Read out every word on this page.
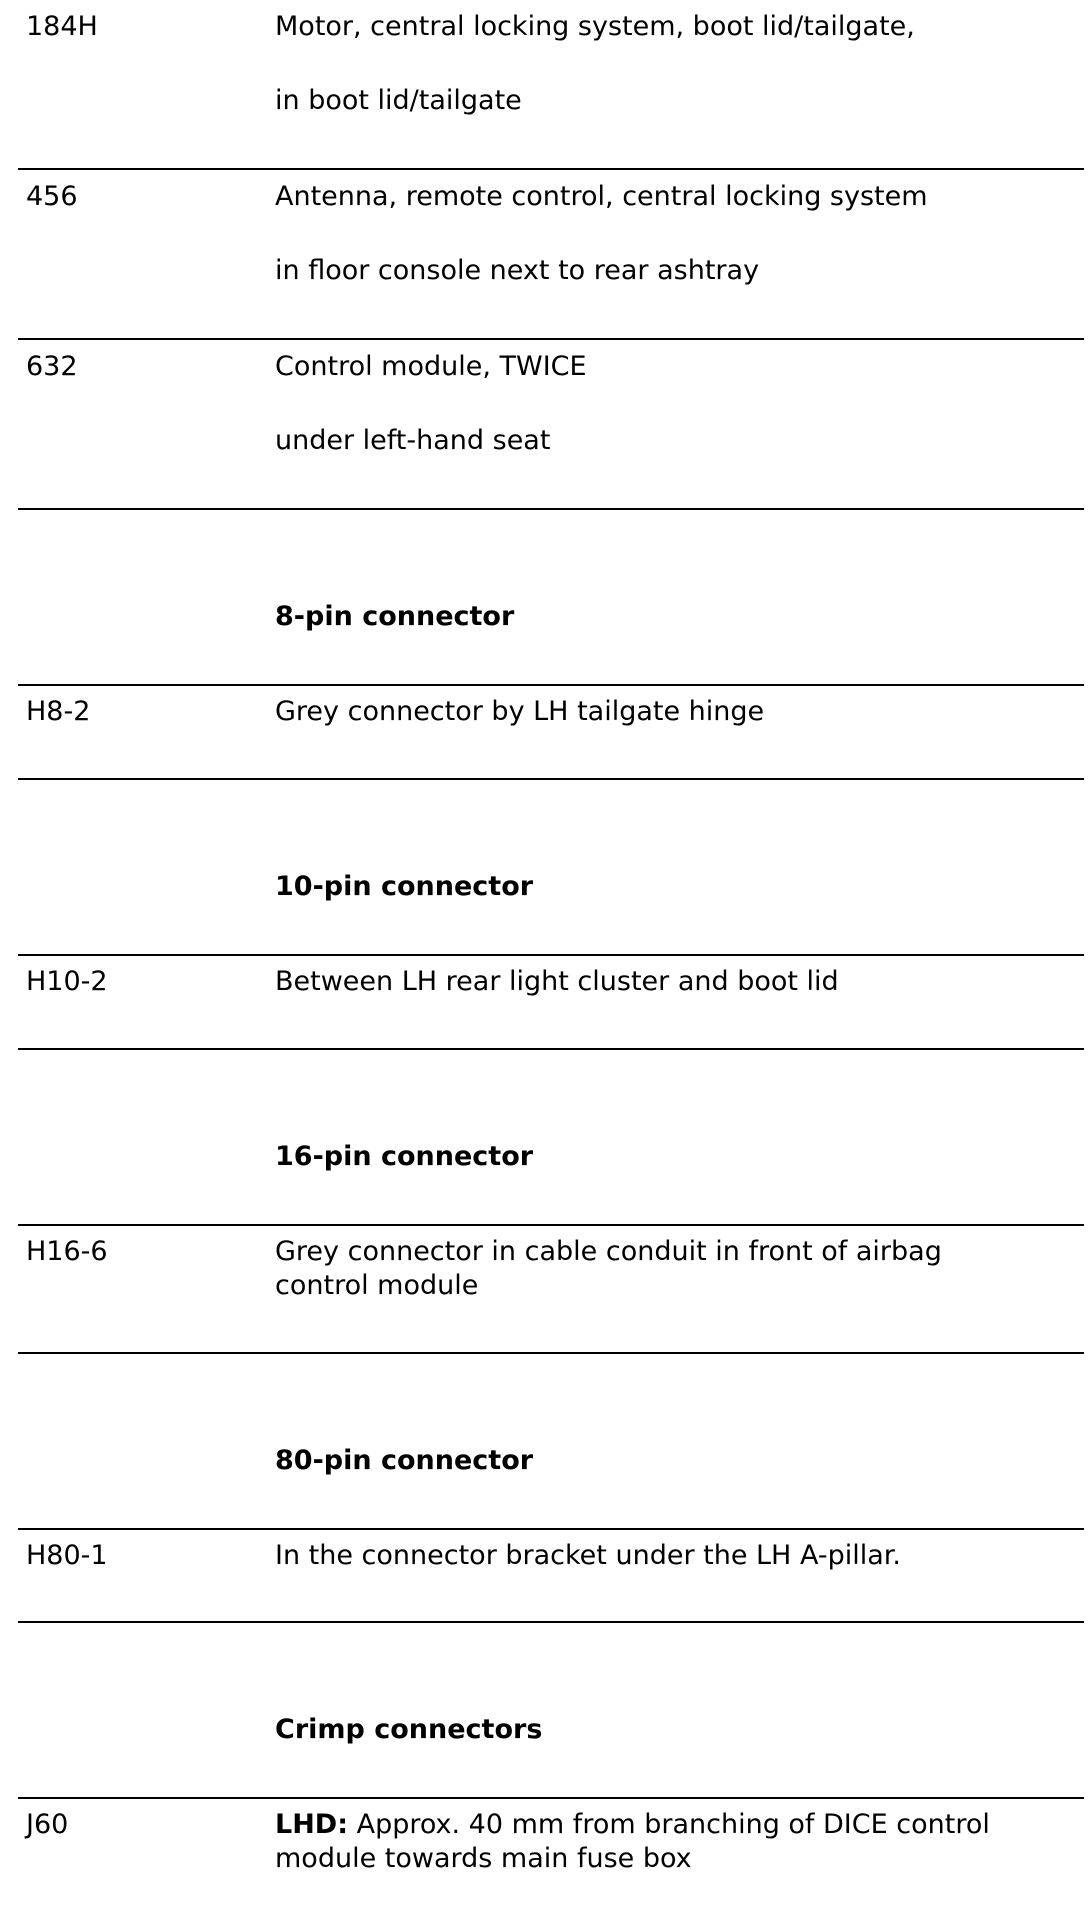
184H	Motor, central locking system, boot lid/tailgate,
in boot lid/tailgate
456	Antenna, remote control, central locking system
in floor console next to rear ashtray
632	Control module, TWICE
under left-hand seat
8-pin connector
H8-2	Grey connector by LH tailgate hinge
10-pin connector
H10-2	Between LH rear light cluster and boot lid
16-pin connector
H16-6	Grey connector in cable conduit in front of airbag control module
80-pin connector
H80-1	In the connector bracket under the LH A-pillar.
Crimp connectors
J60	LHD: Approx. 40 mm from branching of DICE control module towards main fuse box
